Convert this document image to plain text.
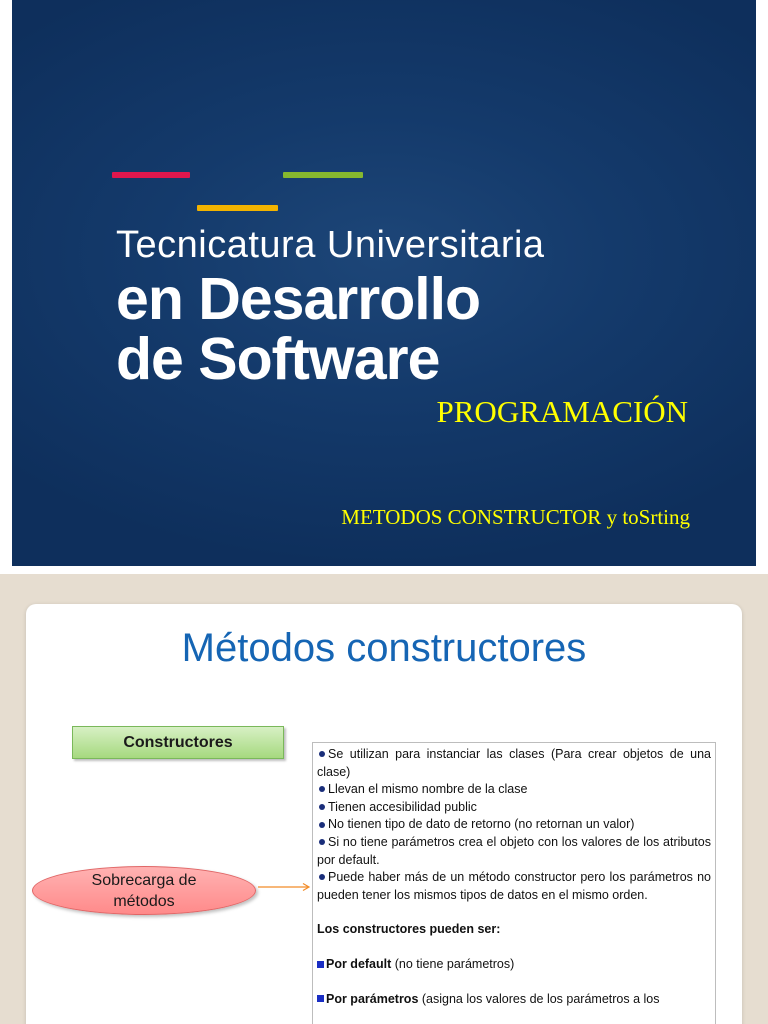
Tecnicatura Universitaria
en Desarrollo
de Software
PROGRAMACIÓN
METODOS CONSTRUCTOR y toSrting
Métodos constructores
Constructores
Sobrecarga de métodos

Se utilizan para instanciar las clases (Para crear objetos de una clase)

Llevan el mismo nombre de la clase

Tienen accesibilidad public

No tienen tipo de dato de retorno (no retornan un valor)

Si no tiene parámetros crea el objeto con los valores de los atributos por default.

Puede haber más de un método constructor pero los parámetros no pueden tener los mismos tipos de datos en el mismo orden.

Los constructores pueden ser:

Por default (no tiene parámetros)

Por parámetros (asigna los valores de los parámetros a los
